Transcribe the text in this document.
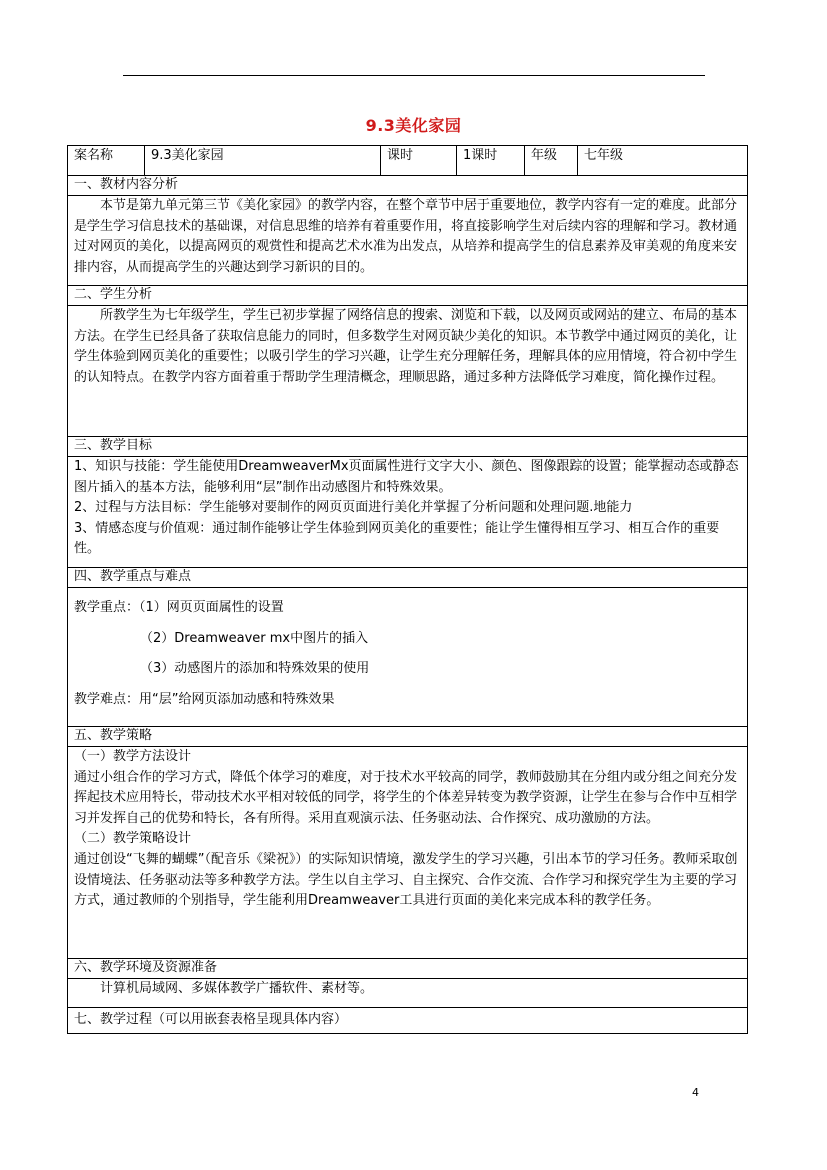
9.3美化家园
案名称	9.3美化家园	课时	1课时	年级	七年级
一、教材内容分析

本节是第九单元第三节《美化家园》的教学内容，在整个章节中居于重要地位，教学内容有一定的难度。此部分是学生学习信息技术的基础课，对信息思维的培养有着重要作用，将直接影响学生对后续内容的理解和学习。教材通过对网页的美化，以提高网页的观赏性和提高艺术水准为出发点，从培养和提高学生的信息素养及审美观的角度来安排内容，从而提高学生的兴趣达到学习新识的目的。

二、学生分析

所教学生为七年级学生，学生已初步掌握了网络信息的搜索、浏览和下载，以及网页或网站的建立、布局的基本方法。在学生已经具备了获取信息能力的同时，但多数学生对网页缺少美化的知识。本节教学中通过网页的美化，让学生体验到网页美化的重要性；以吸引学生的学习兴趣，让学生充分理解任务，理解具体的应用情境，符合初中学生的认知特点。在教学内容方面着重于帮助学生理清概念，理顺思路，通过多种方法降低学习难度，简化操作过程。

三、教学目标

1、知识与技能：学生能使用DreamweaverMx页面属性进行文字大小、颜色、图像跟踪的设置；能掌握动态或静态图片插入的基本方法，能够利用“层”制作出动感图片和特殊效果。

2、过程与方法目标：学生能够对要制作的网页页面进行美化并掌握了分析问题和处理问题.地能力

3、情感态度与价值观：通过制作能够让学生体验到网页美化的重要性；能让学生懂得相互学习、相互合作的重要性。

四、教学重点与难点

教学重点：（1）网页页面属性的设置

（2）Dreamweaver mx中图片的插入

（3）动感图片的添加和特殊效果的使用

教学难点：用“层”给网页添加动感和特殊效果

五、教学策略

（一）教学方法设计

通过小组合作的学习方式，降低个体学习的难度，对于技术水平较高的同学，教师鼓励其在分组内或分组之间充分发挥起技术应用特长，带动技术水平相对较低的同学，将学生的个体差异转变为教学资源，让学生在参与合作中互相学习并发挥自己的优势和特长，各有所得。采用直观演示法、任务驱动法、合作探究、成功激励的方法。

（二）教学策略设计

通过创设“飞舞的蝴蝶”（配音乐《梁祝》）的实际知识情境，激发学生的学习兴趣，引出本节的学习任务。教师采取创设情境法、任务驱动法等多种教学方法。学生以自主学习、自主探究、合作交流、合作学习和探究学生为主要的学习方式，通过教师的个别指导，学生能利用Dreamweaver工具进行页面的美化来完成本科的教学任务。

六、教学环境及资源准备

计算机局域网、多媒体教学广播软件、素材等。

七、教学过程（可以用嵌套表格呈现具体内容）
4
